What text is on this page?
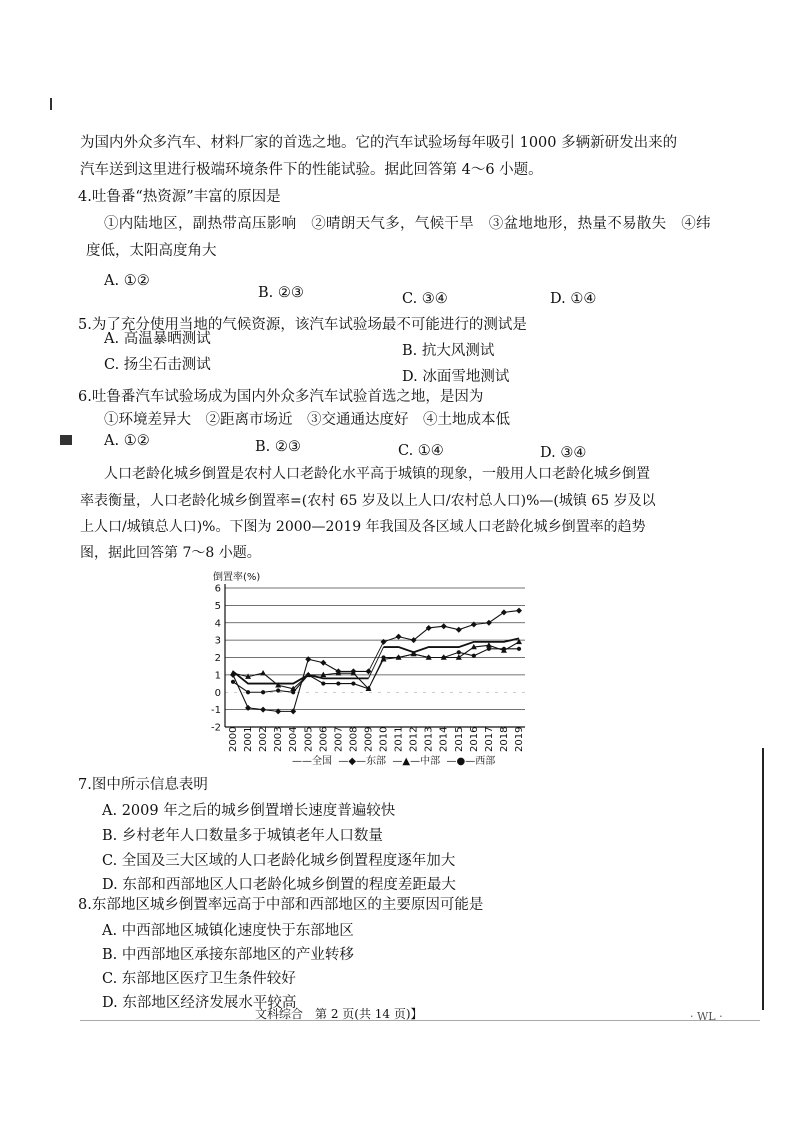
为国内外众多汽车、材料厂家的首选之地。它的汽车试验场每年吸引 1000 多辆新研发出来的
汽车送到这里进行极端环境条件下的性能试验。据此回答第 4～6 小题。
4.吐鲁番“热资源”丰富的原因是
①内陆地区，副热带高压影响　②晴朗天气多，气候干旱　③盆地地形，热量不易散失　④纬
度低，太阳高度角大
A. ①②
B. ②③	C. ③④	D. ①④
5.为了充分使用当地的气候资源，该汽车试验场最不可能进行的测试是
A. 高温暴晒测试
B. 抗大风测试
C. 扬尘石击测试
D. 冰面雪地测试
6.吐鲁番汽车试验场成为国内外众多汽车试验首选之地，是因为
①环境差异大　②距离市场近　③交通通达度好　④土地成本低
A. ①②	B. ②③	C. ①④	D. ③④
人口老龄化城乡倒置是农村人口老龄化水平高于城镇的现象，一般用人口老龄化城乡倒置
率表衡量，人口老龄化城乡倒置率=(农村 65 岁及以上人口/农村总人口)%—(城镇 65 岁及以
上人口/城镇总人口)%。下图为 2000—2019 年我国及各区域人口老龄化城乡倒置率的趋势
图，据此回答第 7～8 小题。
倒置率(%)
-2
-1
0
1
2
3
4
5
6
2000 2001 2002 2003 2004 2005 2006 2007 2008 2009 2010 2011 2012 2013 2014 2015 2016 2017 2018 2019
——全国 —◆—东部 —▲—中部 —●—西部
7.图中所示信息表明
A. 2009 年之后的城乡倒置增长速度普遍较快
B. 乡村老年人口数量多于城镇老年人口数量
C. 全国及三大区域的人口老龄化城乡倒置程度逐年加大
D. 东部和西部地区人口老龄化城乡倒置的程度差距最大
8.东部地区城乡倒置率远高于中部和西部地区的主要原因可能是
A. 中西部地区城镇化速度快于东部地区
B. 中西部地区承接东部地区的产业转移
C. 东部地区医疗卫生条件较好
D. 东部地区经济发展水平较高
文科综合　第 2 页(共 14 页)】	· WL ·
